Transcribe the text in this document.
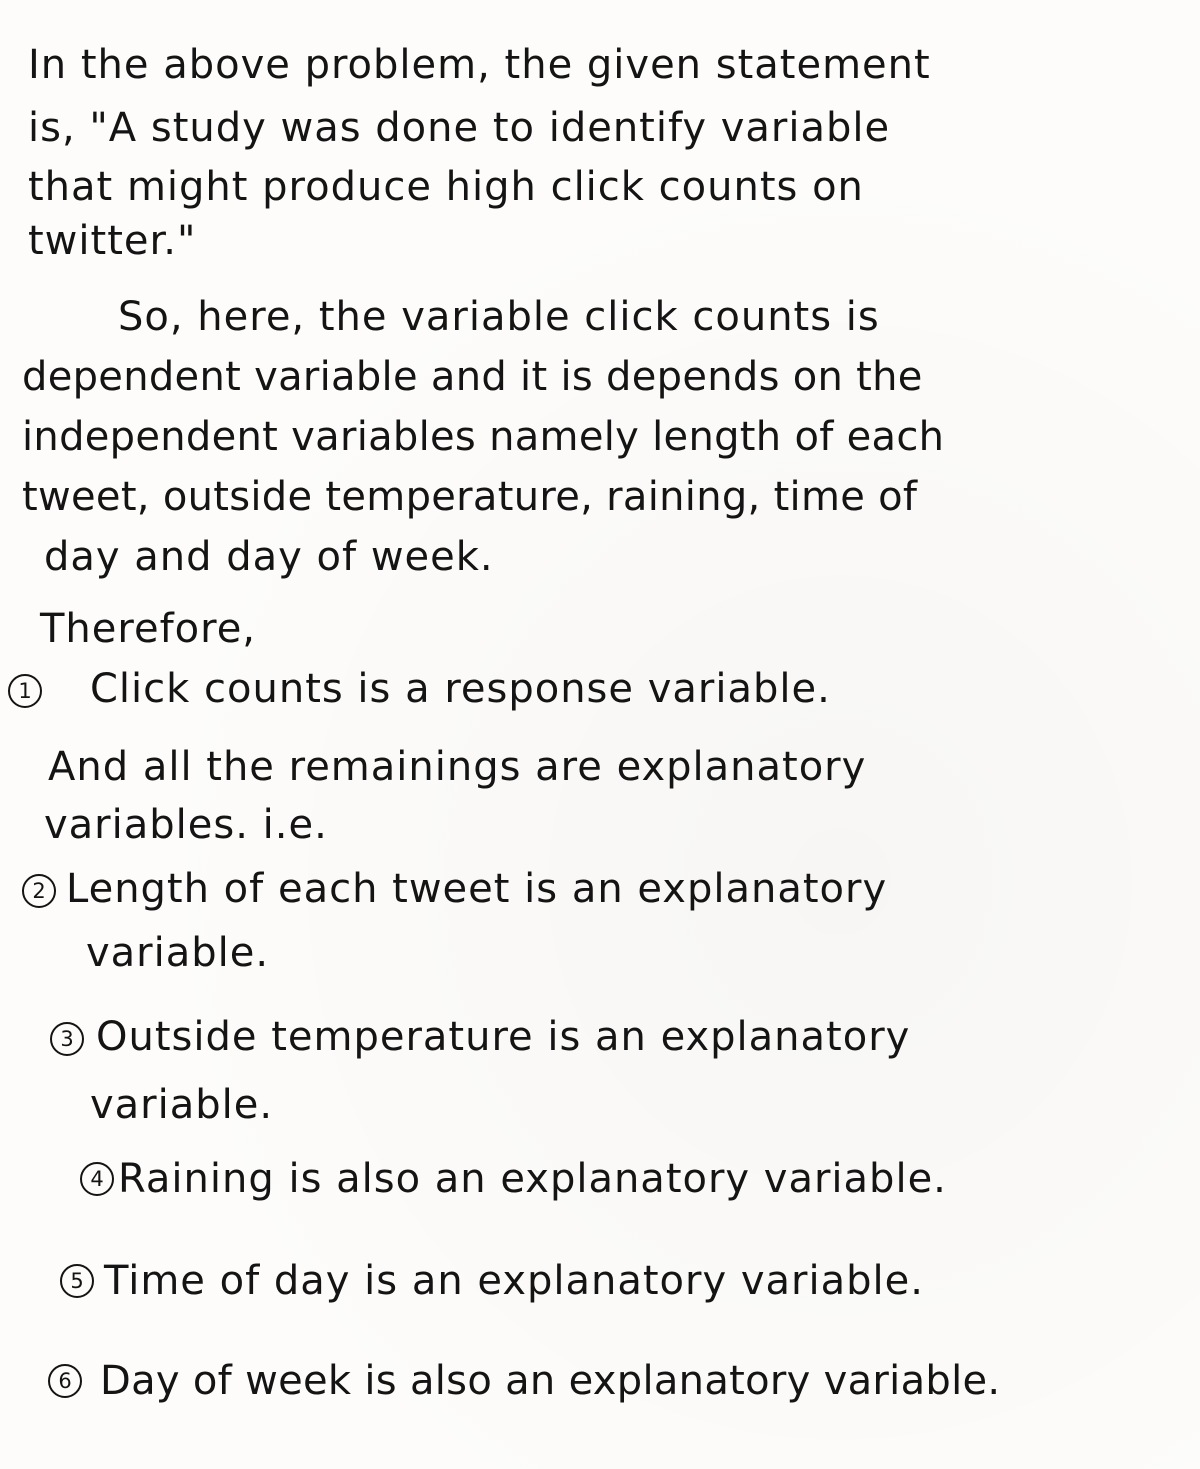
In the above problem, the given statement
is, "A study was done to identify variable
that might produce high click counts on
twitter."
So, here, the variable click counts is
dependent variable and it is depends on the
independent variables namely length of each
tweet, outside temperature, raining, time of
day and day of week.
Therefore,
1 Click counts is a response variable.
And all the remainings are explanatory
variables. i.e.
2 Length of each tweet is an explanatory
variable.
3 Outside temperature is an explanatory
variable.
4 Raining is also an explanatory variable.
5 Time of day is an explanatory variable.
6 Day of week is also an explanatory variable.
